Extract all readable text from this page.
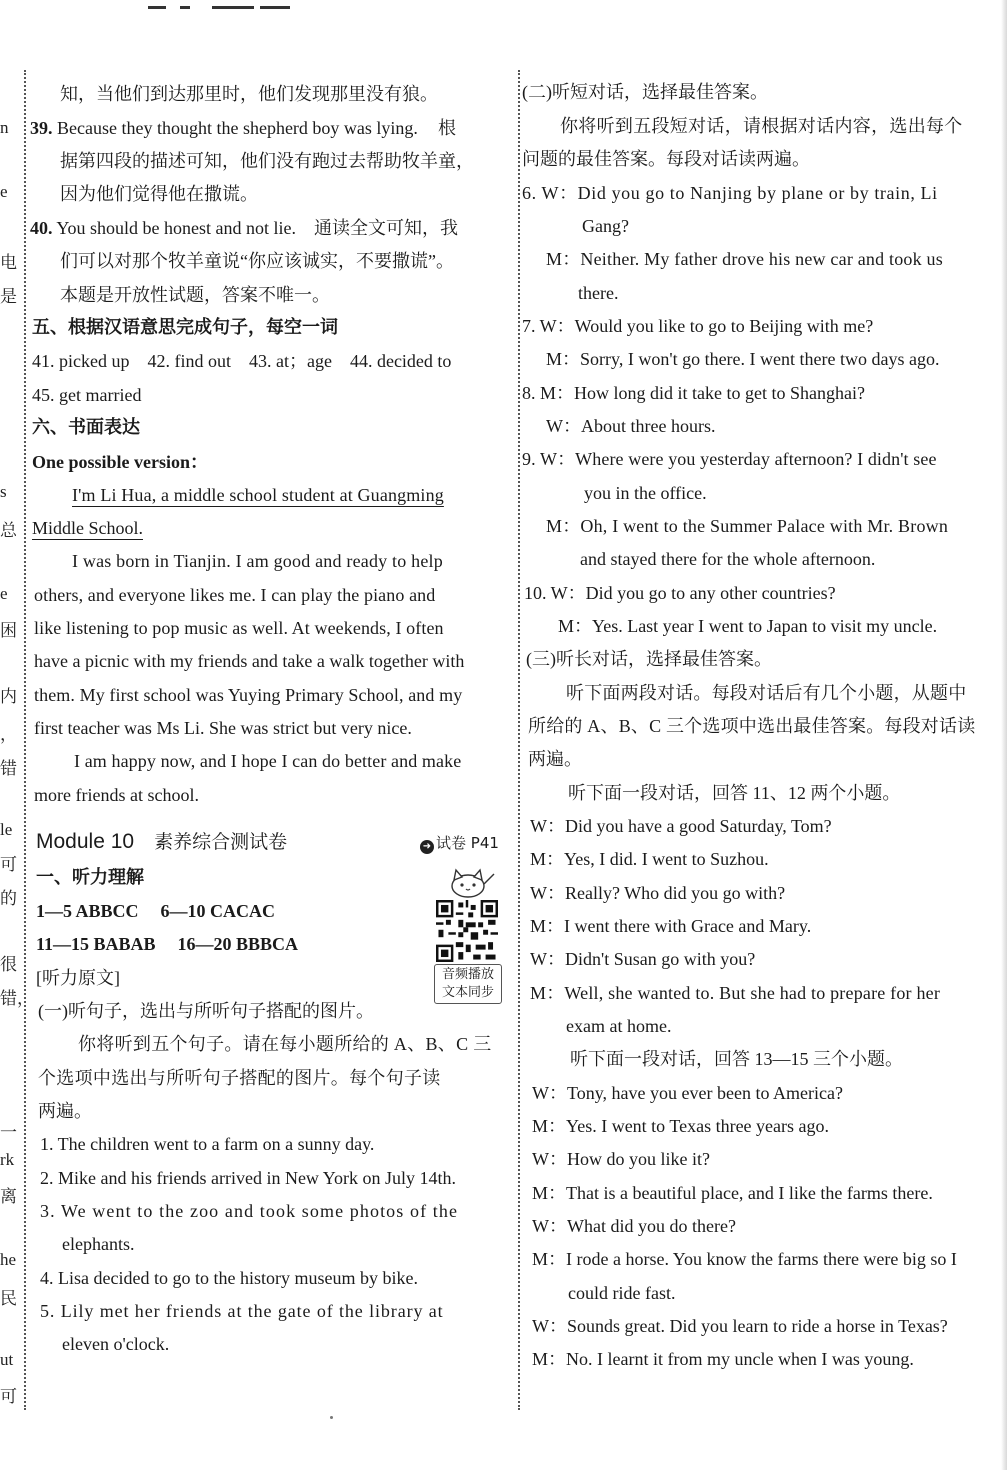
n
e
电
是
s
总
e
困
内
，
错
le
可
的
很
错，
一
rk
离
he
民
ut
可
知，当他们到达那里时，他们发现那里没有狼。
39. Because they thought the shepherd boy was lying. 根
据第四段的描述可知，他们没有跑过去帮助牧羊童，
因为他们觉得他在撒谎。
40. You should be honest and not lie. 通读全文可知，我
们可以对那个牧羊童说“你应该诚实，不要撒谎”。
本题是开放性试题，答案不唯一。
五、根据汉语意思完成句子，每空一词
41. picked up 42. find out 43. at；age 44. decided to
45. get married
六、书面表达
One possible version：
I'm Li Hua, a middle school student at Guangming
Middle School.
I was born in Tianjin. I am good and ready to help
others, and everyone likes me. I can play the piano and
like listening to pop music as well. At weekends, I often
have a picnic with my friends and take a walk together with
them. My first school was Yuying Primary School, and my
first teacher was Ms Li. She was strict but very nice.
I am happy now, and I hope I can do better and make
more friends at school.
Module 10 素养综合测试卷
一、听力理解
1—5 ABBCC 6—10 CACAC
11—15 BABAB 16—20 BBBCA
[听力原文]
(一)听句子，选出与所听句子搭配的图片。
你将听到五个句子。请在每小题所给的 A、B、C 三
个选项中选出与所听句子搭配的图片。每个句子读
两遍。
1. The children went to a farm on a sunny day.
2. Mike and his friends arrived in New York on July 14th.
3. We went to the zoo and took some photos of the
elephants.
4. Lisa decided to go to the history museum by bike.
5. Lily met her friends at the gate of the library at
eleven o'clock.
➜ 试卷 P41
音频播放
文本同步
(二)听短对话，选择最佳答案。
你将听到五段短对话，请根据对话内容，选出每个
问题的最佳答案。每段对话读两遍。
6. W：Did you go to Nanjing by plane or by train, Li
Gang?
M：Neither. My father drove his new car and took us
there.
7. W：Would you like to go to Beijing with me?
M：Sorry, I won't go there. I went there two days ago.
8. M：How long did it take to get to Shanghai?
W：About three hours.
9. W：Where were you yesterday afternoon? I didn't see
you in the office.
M：Oh, I went to the Summer Palace with Mr. Brown
and stayed there for the whole afternoon.
10. W：Did you go to any other countries?
M：Yes. Last year I went to Japan to visit my uncle.
(三)听长对话，选择最佳答案。
听下面两段对话。每段对话后有几个小题，从题中
所给的 A、B、C 三个选项中选出最佳答案。每段对话读
两遍。
听下面一段对话，回答 11、12 两个小题。
W：Did you have a good Saturday, Tom?
M：Yes, I did. I went to Suzhou.
W：Really? Who did you go with?
M：I went there with Grace and Mary.
W：Didn't Susan go with you?
M：Well, she wanted to. But she had to prepare for her
exam at home.
听下面一段对话，回答 13—15 三个小题。
W：Tony, have you ever been to America?
M：Yes. I went to Texas three years ago.
W：How do you like it?
M：That is a beautiful place, and I like the farms there.
W：What did you do there?
M：I rode a horse. You know the farms there were big so I
could ride fast.
W：Sounds great. Did you learn to ride a horse in Texas?
M：No. I learnt it from my uncle when I was young.
